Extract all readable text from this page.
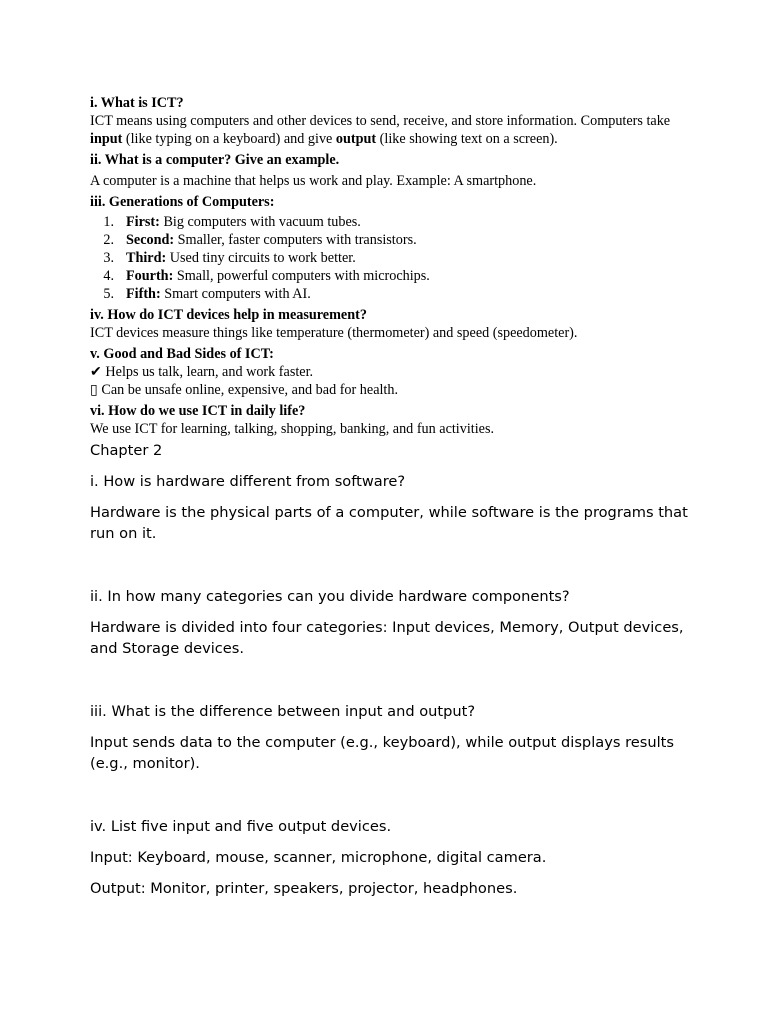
i. What is ICT?

ICT means using computers and other devices to send, receive, and store information. Computers take input (like typing on a keyboard) and give output (like showing text on a screen).

ii. What is a computer? Give an example.

A computer is a machine that helps us work and play. Example: A smartphone.

iii. Generations of Computers:

1. First: Big computers with vacuum tubes.
2. Second: Smaller, faster computers with transistors.
3. Third: Used tiny circuits to work better.
4. Fourth: Small, powerful computers with microchips.
5. Fifth: Smart computers with AI.

iv. How do ICT devices help in measurement?

ICT devices measure things like temperature (thermometer) and speed (speedometer).

v. Good and Bad Sides of ICT:

✔ Helps us talk, learn, and work faster.

▯ Can be unsafe online, expensive, and bad for health.

vi. How do we use ICT in daily life?

We use ICT for learning, talking, shopping, banking, and fun activities.

Chapter 2

i. How is hardware different from software?

Hardware is the physical parts of a computer, while software is the programs that run on it.

ii. In how many categories can you divide hardware components?

Hardware is divided into four categories: Input devices, Memory, Output devices, and Storage devices.

iii. What is the difference between input and output?

Input sends data to the computer (e.g., keyboard), while output displays results (e.g., monitor).

iv. List five input and five output devices.

Input: Keyboard, mouse, scanner, microphone, digital camera.

Output: Monitor, printer, speakers, projector, headphones.
